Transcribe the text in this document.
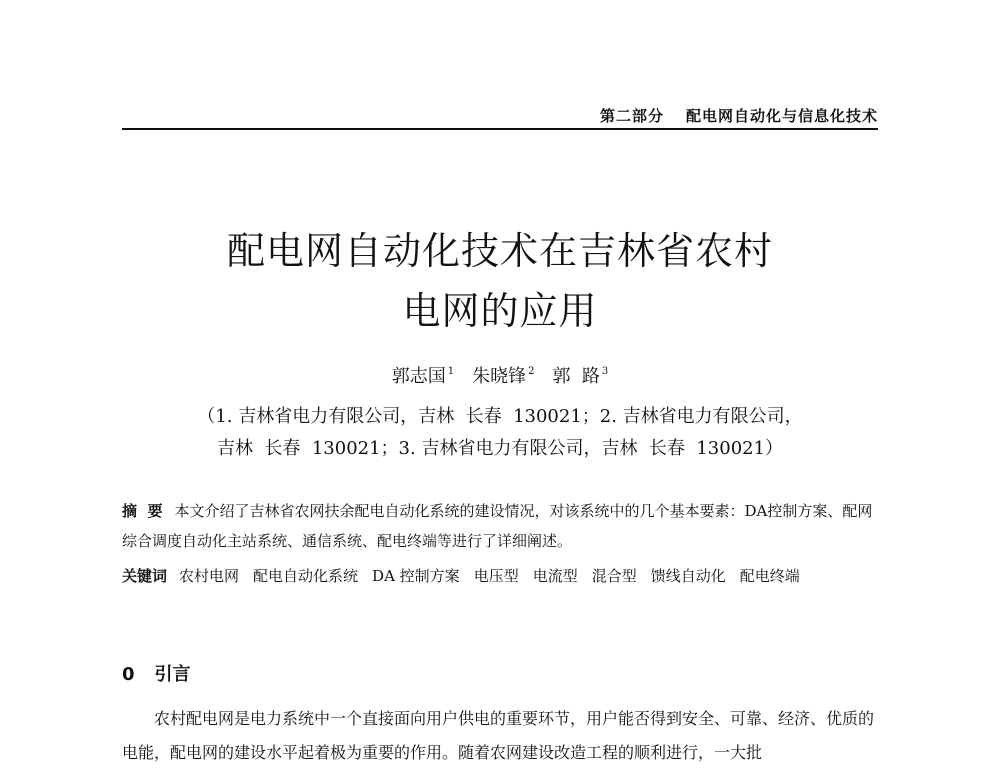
第二部分 配电网自动化与信息化技术
配电网自动化技术在吉林省农村
电网的应用
郭志国 $^1$ 朱晓锋 $^2$ 郭  路 $^3$
（1. 吉林省电力有限公司，吉林  长春  130021；2. 吉林省电力有限公司，
吉林  长春  130021；3. 吉林省电力有限公司，吉林  长春  130021）
摘  要 本文介绍了吉林省农网扶余配电自动化系统的建设情况，对该系统中的几个基本要素：DA控制方案、配网综合调度自动化主站系统、通信系统、配电终端等进行了详细阐述。
关键词 农村电网 配电自动化系统 DA 控制方案 电压型 电流型 混合型 馈线自动化 配电终端
0 引言
农村配电网是电力系统中一个直接面向用户供电的重要环节，用户能否得到安全、可靠、经济、优质的电能，配电网的建设水平起着极为重要的作用。随着农网建设改造工程的顺利进行，一大批
